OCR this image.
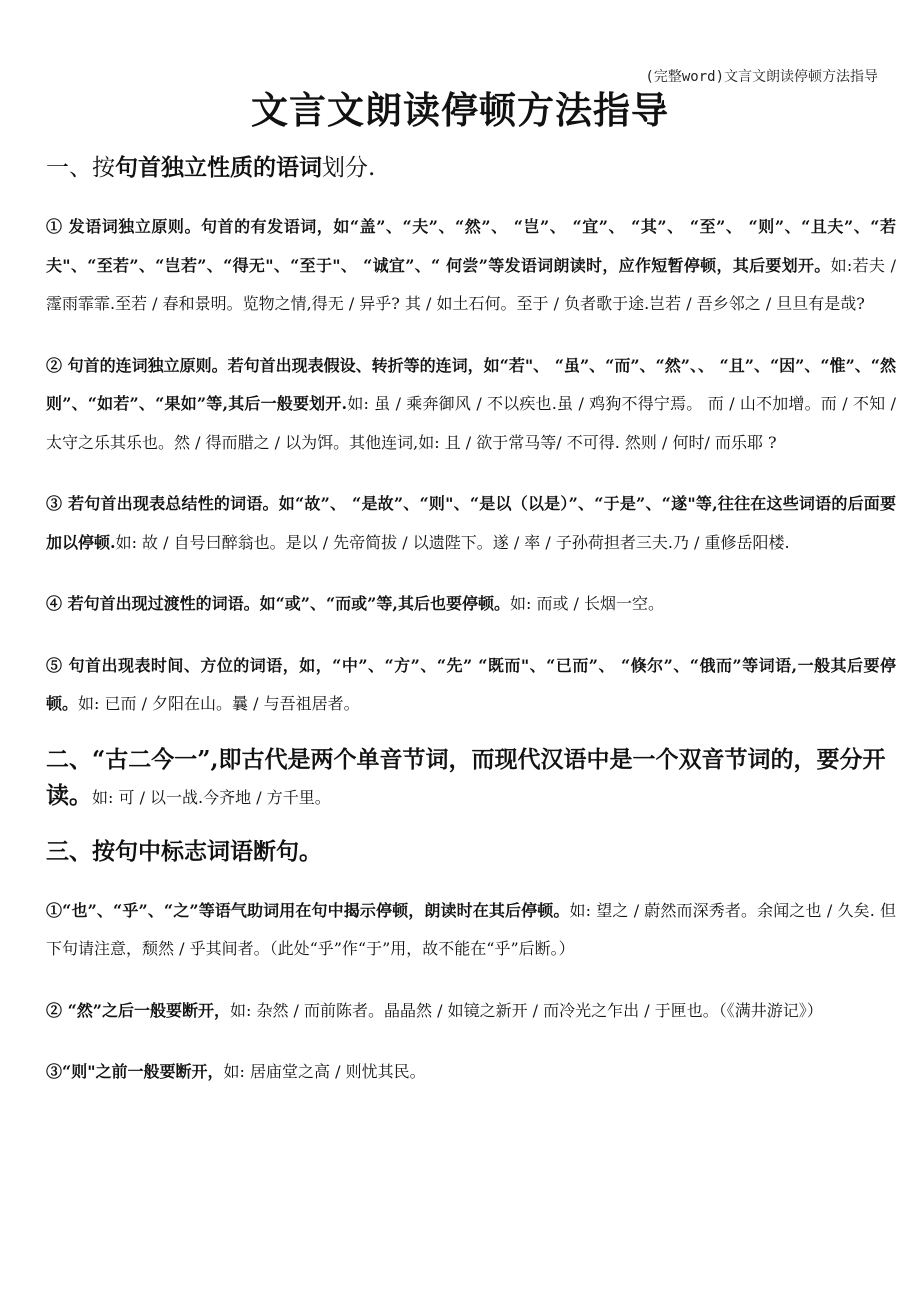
(完整word)文言文朗读停顿方法指导
文言文朗读停顿方法指导

一、按句首独立性质的语词划分.

① 发语词独立原则。句首的有发语词，如“盖”、“夫”、“然”、 “岂”、 “宜”、 “其”、 “至”、 “则”、“且夫”、“若夫"、“至若”、“岂若”、“得无"、“至于"、 “诚宜”、“ 何尝”等发语词朗读时，应作短暂停顿，其后要划开。如:若夫 / 霪雨霏霏.至若 / 春和景明。览物之情,得无 / 异乎? 其 / 如土石何。至于 / 负者歌于途.岂若 / 吾乡邻之 / 旦旦有是哉?

② 句首的连词独立原则。若句首出现表假设、转折等的连词，如“若"、 “虽”、“而”、“然”、、 “且”、“因”、“惟”、“然则”、“如若”、“果如”等,其后一般要划开.如: 虽 / 乘奔御风 / 不以疾也.虽 / 鸡狗不得宁焉。 而 / 山不加增。而 / 不知 / 太守之乐其乐也。然 / 得而腊之 / 以为饵。其他连词,如: 且 / 欲于常马等/ 不可得. 然则 / 何时/ 而乐耶 ?

③ 若句首出现表总结性的词语。如“故”、 “是故”、“则"、“是以（以是）”、“于是”、“遂"等,往往在这些词语的后面要加以停顿.如: 故 / 自号曰醉翁也。是以 / 先帝简拔 / 以遗陛下。遂 / 率 / 子孙荷担者三夫.乃 / 重修岳阳楼.

④ 若句首出现过渡性的词语。如“或”、“而或”等,其后也要停顿。如: 而或 / 长烟一空。

⑤ 句首出现表时间、方位的词语，如，“中”、“方”、“先” “既而"、“已而”、 “倏尔”、“俄而”等词语,一般其后要停顿。如: 已而 / 夕阳在山。曩 / 与吾祖居者。

二、“古二今一”,即古代是两个单音节词，而现代汉语中是一个双音节词的，要分开读。如: 可 / 以一战.今齐地 / 方千里。

三、按句中标志词语断句。

①“也”、“乎”、“之”等语气助词用在句中揭示停顿，朗读时在其后停顿。如: 望之 / 蔚然而深秀者。余闻之也 / 久矣. 但下句请注意，颓然 / 乎其间者。（此处“乎”作“于”用，故不能在“乎”后断。）

② “然”之后一般要断开，如: 杂然 / 而前陈者。晶晶然 / 如镜之新开 / 而冷光之乍出 / 于匣也。（《满井游记》）

③“则"之前一般要断开，如: 居庙堂之高 / 则忧其民。
